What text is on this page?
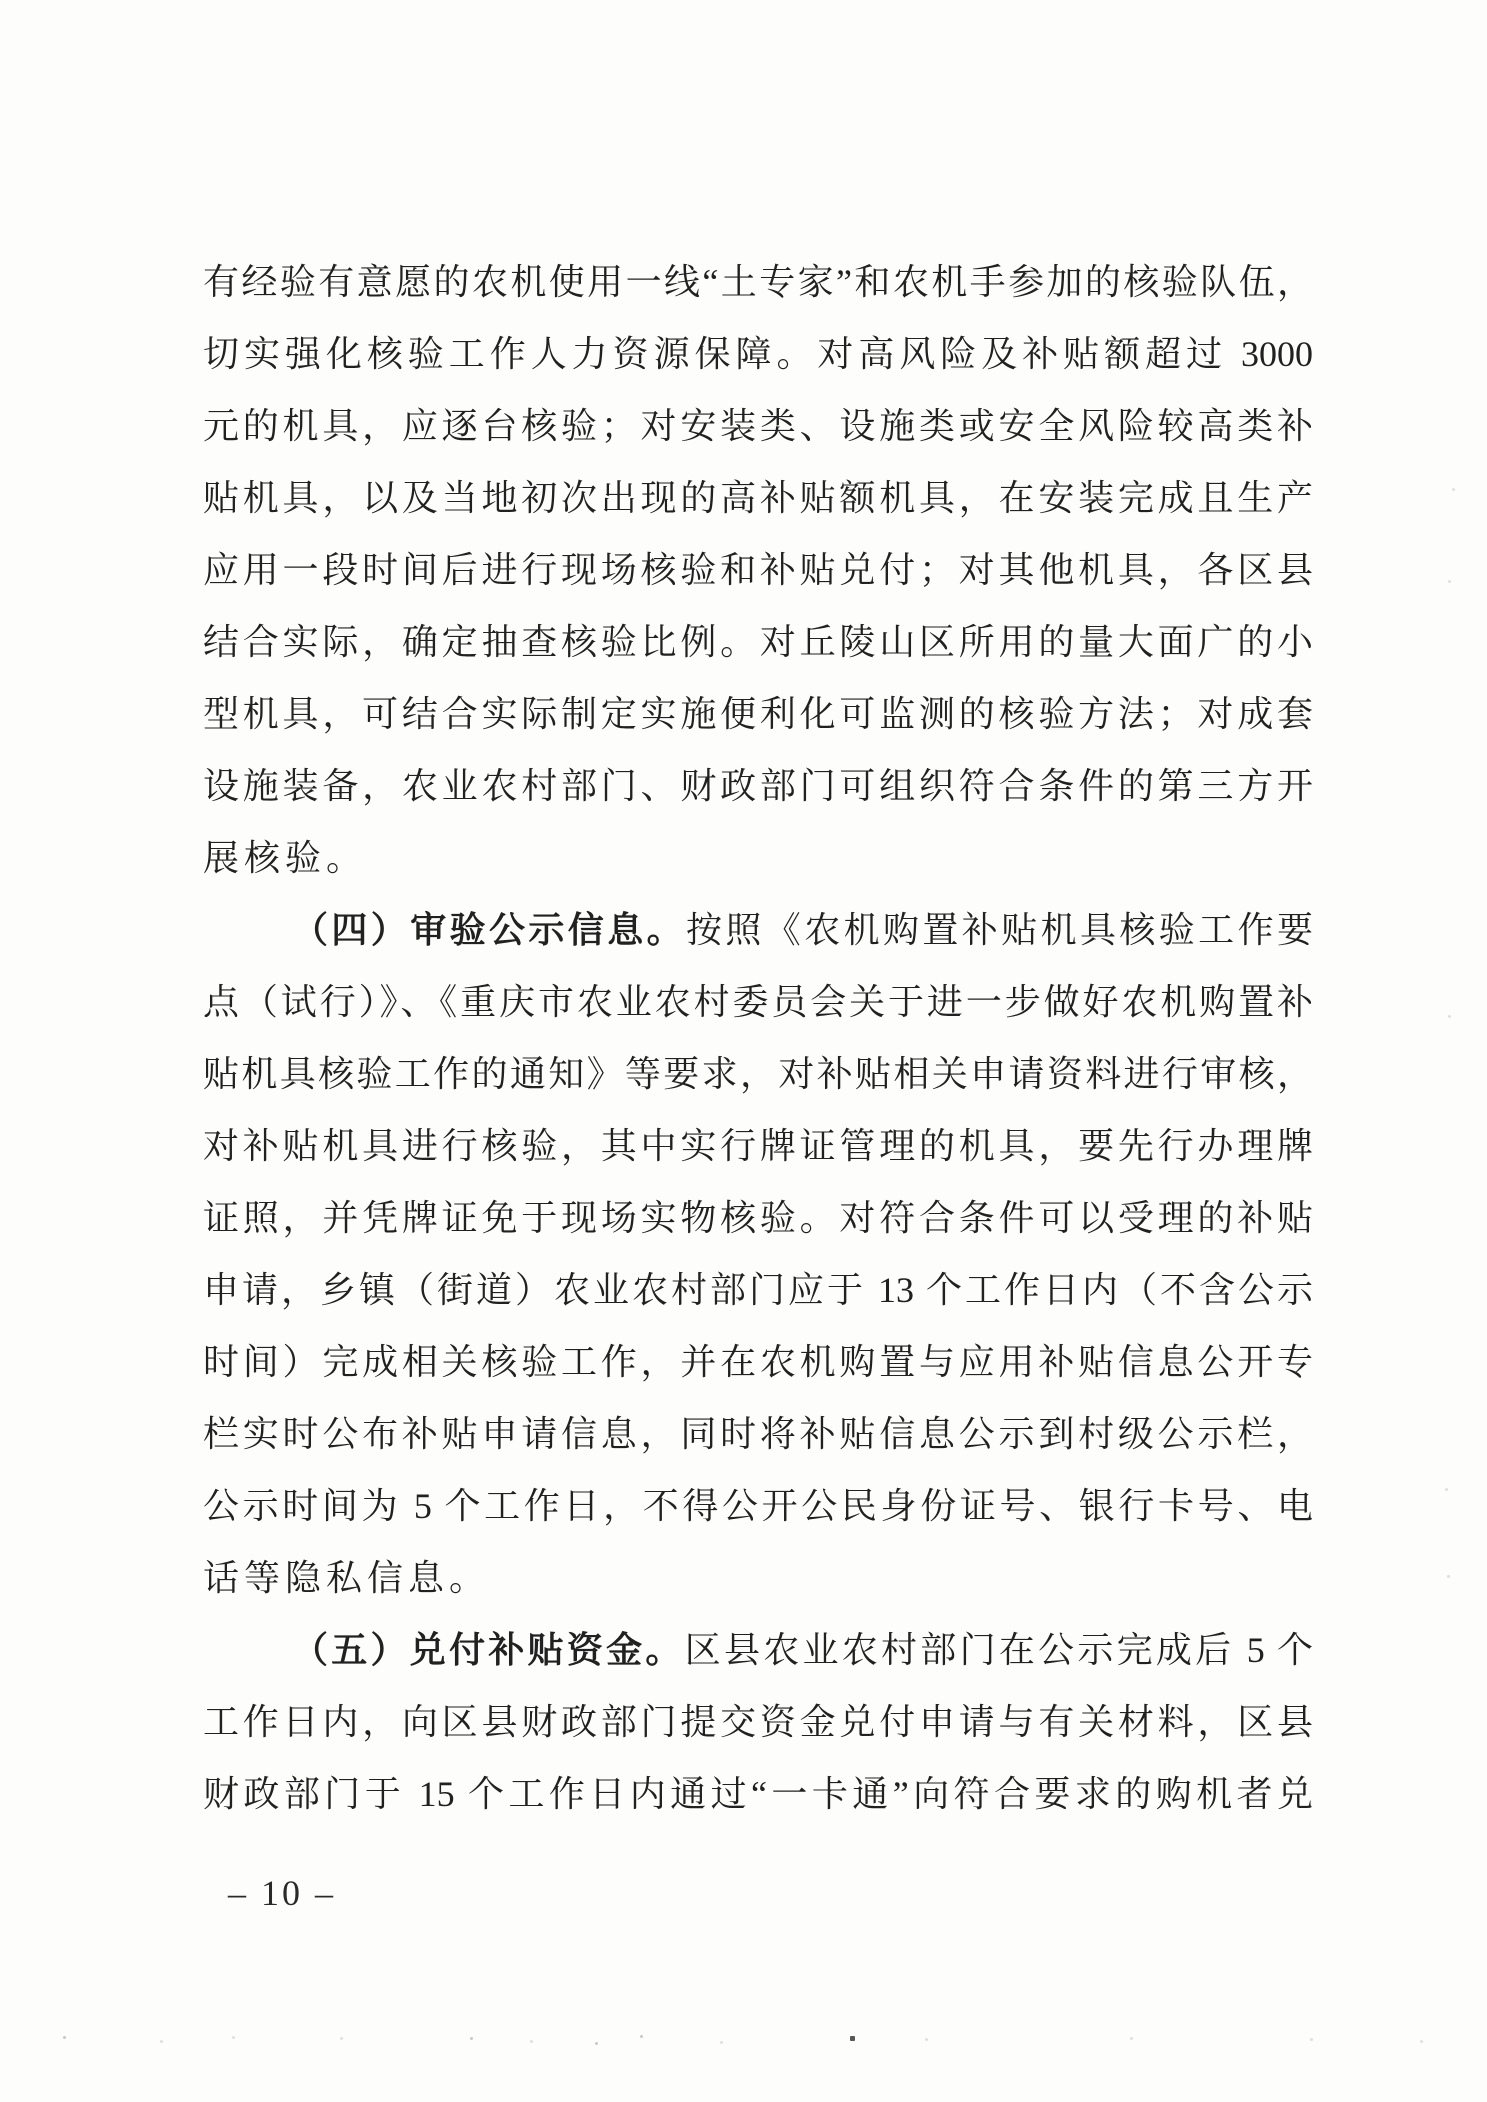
有经验有意愿的农机使用一线“土专家”和农机手参加的核验队伍，
切实强化核验工作人力资源保障。对高风险及补贴额超过 3000
元的机具，应逐台核验；对安装类、设施类或安全风险较高类补
贴机具，以及当地初次出现的高补贴额机具，在安装完成且生产
应用一段时间后进行现场核验和补贴兑付；对其他机具，各区县
结合实际，确定抽查核验比例。对丘陵山区所用的量大面广的小
型机具，可结合实际制定实施便利化可监测的核验方法；对成套
设施装备，农业农村部门、财政部门可组织符合条件的第三方开
展核验。
（四）审验公示信息。按照《农机购置补贴机具核验工作要
点（试行）》、《重庆市农业农村委员会关于进一步做好农机购置补
贴机具核验工作的通知》等要求，对补贴相关申请资料进行审核，
对补贴机具进行核验，其中实行牌证管理的机具，要先行办理牌
证照，并凭牌证免于现场实物核验。对符合条件可以受理的补贴
申请，乡镇（街道）农业农村部门应于 13 个工作日内（不含公示
时间）完成相关核验工作，并在农机购置与应用补贴信息公开专
栏实时公布补贴申请信息，同时将补贴信息公示到村级公示栏，
公示时间为 5 个工作日，不得公开公民身份证号、银行卡号、电
话等隐私信息。
（五）兑付补贴资金。区县农业农村部门在公示完成后 5 个
工作日内，向区县财政部门提交资金兑付申请与有关材料，区县
财政部门于 15 个工作日内通过“一卡通”向符合要求的购机者兑
– 10 –
